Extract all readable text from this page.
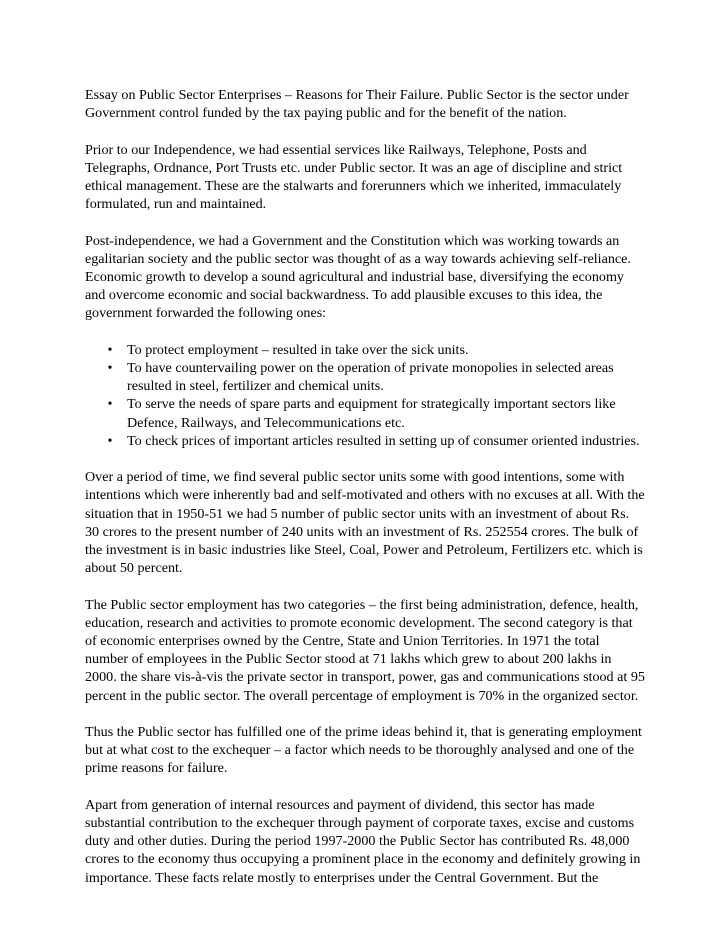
Essay on Public Sector Enterprises – Reasons for Their Failure. Public Sector is the sector under Government control funded by the tax paying public and for the benefit of the nation.

Prior to our Independence, we had essential services like Railways, Telephone, Posts and Telegraphs, Ordnance, Port Trusts etc. under Public sector. It was an age of discipline and strict ethical management. These are the stalwarts and forerunners which we inherited, immaculately formulated, run and maintained.

Post-independence, we had a Government and the Constitution which was working towards an egalitarian society and the public sector was thought of as a way towards achieving self-reliance. Economic growth to develop a sound agricultural and industrial base, diversifying the economy and overcome economic and social backwardness. To add plausible excuses to this idea, the government forwarded the following ones:

• To protect employment – resulted in take over the sick units.
• To have countervailing power on the operation of private monopolies in selected areas resulted in steel, fertilizer and chemical units.
• To serve the needs of spare parts and equipment for strategically important sectors like Defence, Railways, and Telecommunications etc.
• To check prices of important articles resulted in setting up of consumer oriented industries.

Over a period of time, we find several public sector units some with good intentions, some with intentions which were inherently bad and self-motivated and others with no excuses at all. With the situation that in 1950-51 we had 5 number of public sector units with an investment of about Rs. 30 crores to the present number of 240 units with an investment of Rs. 252554 crores. The bulk of the investment is in basic industries like Steel, Coal, Power and Petroleum, Fertilizers etc. which is about 50 percent.

The Public sector employment has two categories – the first being administration, defence, health, education, research and activities to promote economic development. The second category is that of economic enterprises owned by the Centre, State and Union Territories. In 1971 the total number of employees in the Public Sector stood at 71 lakhs which grew to about 200 lakhs in 2000. the share vis-à-vis the private sector in transport, power, gas and communications stood at 95 percent in the public sector. The overall percentage of employment is 70% in the organized sector.

Thus the Public sector has fulfilled one of the prime ideas behind it, that is generating employment but at what cost to the exchequer – a factor which needs to be thoroughly analysed and one of the prime reasons for failure.

Apart from generation of internal resources and payment of dividend, this sector has made substantial contribution to the exchequer through payment of corporate taxes, excise and customs duty and other duties. During the period 1997-2000 the Public Sector has contributed Rs. 48,000 crores to the economy thus occupying a prominent place in the economy and definitely growing in importance. These facts relate mostly to enterprises under the Central Government. But the
